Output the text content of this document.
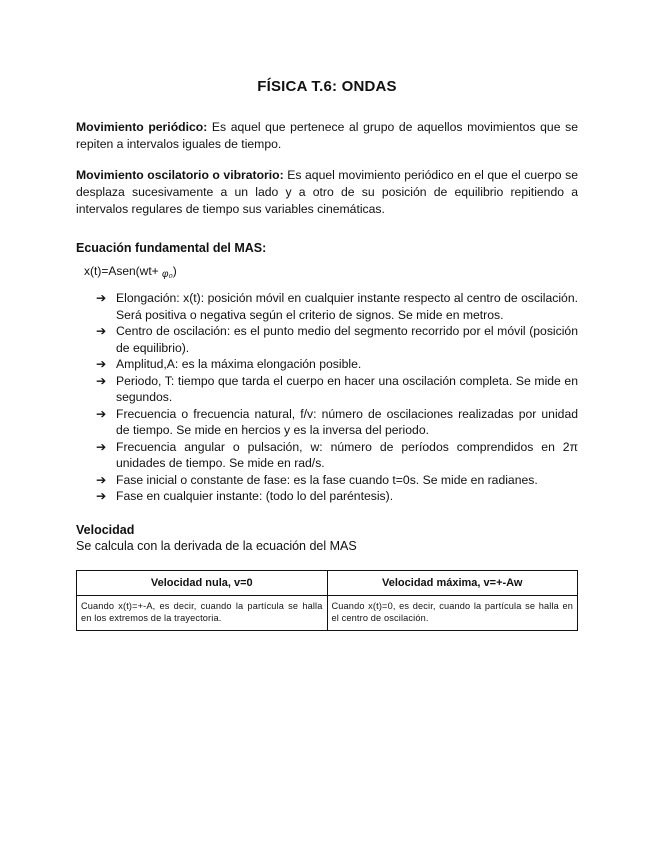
FÍSICA T.6: ONDAS

Movimiento periódico: Es aquel que pertenece al grupo de aquellos movimientos que se repiten a intervalos iguales de tiempo.

Movimiento oscilatorio o vibratorio: Es aquel movimiento periódico en el que el cuerpo se desplaza sucesivamente a un lado y a otro de su posición de equilibrio repitiendo a intervalos regulares de tiempo sus variables cinemáticas.

Ecuación fundamental del MAS:
x(t)=Asen(wt+ φ₀)
➔ Elongación: x(t): posición móvil en cualquier instante respecto al centro de oscilación. Será positiva o negativa según el criterio de signos. Se mide en metros.
➔ Centro de oscilación: es el punto medio del segmento recorrido por el móvil (posición de equilibrio).
➔ Amplitud,A: es la máxima elongación posible.
➔ Periodo, T: tiempo que tarda el cuerpo en hacer una oscilación completa. Se mide en segundos.
➔ Frecuencia o frecuencia natural, f/v: número de oscilaciones realizadas por unidad de tiempo. Se mide en hercios y es la inversa del periodo.
➔ Frecuencia angular o pulsación, w: número de períodos comprendidos en 2π unidades de tiempo. Se mide en rad/s.
➔ Fase inicial o constante de fase: es la fase cuando t=0s. Se mide en radianes.
➔ Fase en cualquier instante: (todo lo del paréntesis).
Velocidad
Se calcula con la derivada de la ecuación del MAS
Velocidad nula, v=0	Velocidad máxima, v=+-Aw
Cuando x(t)=+-A, es decir, cuando la partícula se halla en los extremos de la trayectoria.	Cuando x(t)=0, es decir, cuando la partícula se halla en el centro de oscilación.
